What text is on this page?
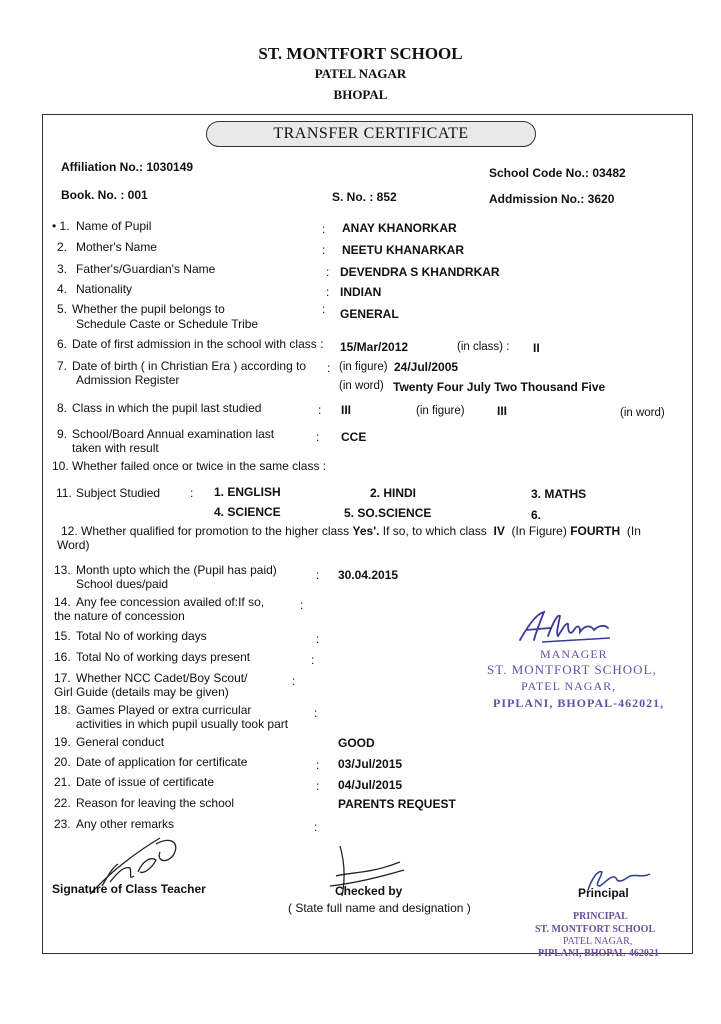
ST. MONTFORT SCHOOL
PATEL NAGAR
BHOPAL
TRANSFER CERTIFICATE
Affiliation No.: 1030149	School Code No.: 03482
Book. No. : 001	S. No. : 852	Addmission No.: 3620
• 1. Name of Pupil	: ANAY KHANORKAR
2. Mother's Name	: NEETU KHANARKAR
3. Father's/Guardian's Name	: DEVENDRA S KHANDRKAR
4. Nationality	: INDIAN
5. Whether the pupil belongs to
Schedule Caste or Schedule Tribe
: GENERAL
6. Date of first admission in the school with class : 15/Mar/2012	(in class) : II
7. Date of birth ( in Christian Era ) according to
Admission Register
: (in figure) 24/Jul/2005
(in word) Twenty Four July Two Thousand Five
8. Class in which the pupil last studied	: III	(in figure)	III	(in word)
9. School/Board Annual examination last
taken with result
: CCE
10. Whether failed once or twice in the same class :
11. Subject Studied : 1. ENGLISH	2. HINDI	3. MATHS
4. SCIENCE	5. SO.SCIENCE	6.
12. Whether qualified for promotion to the higher class Yes'. If so, to which class IV (In Figure) FOURTH (In
Word)
13. Month upto which the (Pupil has paid)
School dues/paid
: 30.04.2015
14. Any fee concession availed of:If so,
the nature of concession
:
15. Total No of working days	:
16. Total No of working days present	:
17. Whether NCC Cadet/Boy Scout/
Girl Guide (details may be given)
:
18. Games Played or extra curricular
activities in which pupil usually took part
:
19. General conduct	GOOD
20. Date of application for certificate	: 03/Jul/2015
21. Date of issue of certificate	: 04/Jul/2015
22. Reason for leaving the school	PARENTS REQUEST
23. Any other remarks	:
MANAGER
ST. MONTFORT SCHOOL,
PATEL NAGAR,
PIPLANI, BHOPAL-462021,
Signature of Class Teacher	Checked by
( State full name and designation )
Principal
PRINCIPAL
ST. MONTFORT SCHOOL
PATEL NAGAR,
PIPLANI, BHOPAL-462021
